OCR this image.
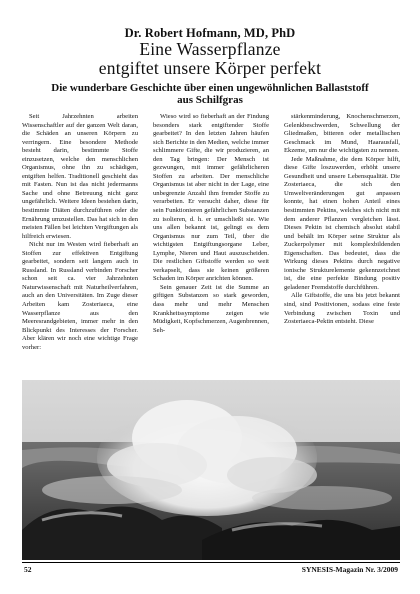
Dr. Robert Hofmann, MD, PhD
Eine Wasserpflanze
entgiftet unsere Körper perfekt
Die wunderbare Geschichte über einen ungewöhnlichen Ballaststoff
aus Schilfgras

Seit Jahrzehnten arbeiten Wissenschaftler auf der ganzen Welt daran, die Schäden an unseren Körpern zu verringern. Eine besondere Methode besteht darin, bestimmte Stoffe einzusetzen, welche den menschlichen Organismus, ohne ihn zu schädigen, entgiften helfen. Traditionell geschieht das mit Fasten. Nun ist das nicht jedermanns Sache und ohne Betreuung nicht ganz ungefährlich. Weitere Ideen bestehen darin, bestimmte Diäten durchzuführen oder die Ernährung umzustellen. Das hat sich in den meisten Fällen bei leichten Vergiftungen als hilfreich erwiesen.

Nicht nur im Westen wird fieberhaft an Stoffen zur effektiven Entgiftung gearbeitet, sondern seit langem auch in Russland. In Russland verbinden Forscher schon seit ca. vier Jahrzehnten Naturwissenschaft mit Naturheilverfahren, auch an den Universitäten. Im Zuge dieser Arbeiten kam Zosteriaeca, eine Wasserpflanze aus den Meeresrandgebieten, immer mehr in den Blickpunkt des Interesses der Forscher. Aber klären wir noch eine wichtige Frage vorher:

Wieso wird so fieberhaft an der Findung besonders stark entgiftender Stoffe gearbeitet? In den letzten Jahren häufen sich Berichte in den Medien, welche immer schlimmere Gifte, die wir produzieren, an den Tag bringen: Der Mensch ist gezwungen, mit immer gefährlicheren Stoffen zu arbeiten. Der menschliche Organismus ist aber nicht in der Lage, eine unbegrenzte Anzahl ihm fremder Stoffe zu verarbeiten. Er versucht daher, diese für sein Funktionieren gefährlichen Substanzen zu isolieren, d. h. er umschließt sie. Wie uns allen bekannt ist, gelingt es dem Organismus nur zum Teil, über die wichtigsten Entgiftungsorgane Leber, Lymphe, Nieren und Haut auszuscheiden. Die restlichen Giftstoffe werden so weit verkapselt, dass sie keinen größeren Schaden im Körper anrichten können.

Sein genauer Zeit ist die Summe an giftigen Substanzen so stark geworden, dass mehr und mehr Menschen Krankheitssymptome zeigen wie Müdigkeit, Kopfschmerzen, Augenbrennen, Seh-

stärkenminderung, Knochenschmerzen, Gelenkbeschwerden, Schwellung der Gliedmaßen, bitteren oder metallischen Geschmack im Mund, Haarausfall, Ekzeme, um nur die wichtigsten zu nennen.

Jede Maßnahme, die dem Körper hilft, diese Gifte loszuwerden, erhöht unsere Gesundheit und unsere Lebensqualität. Die Zosteriaeca, die sich den Umweltveränderungen gut anpassen konnte, hat einen hohen Anteil eines bestimmten Pektins, welches sich nicht mit dem anderer Pflanzen vergleichen lässt. Dieses Pektin ist chemisch absolut stabil und behält im Körper seine Struktur als Zuckerpolymer mit komplexbildenden Eigenschaften. Das bedeutet, dass die Wirkung dieses Pektins durch negative ionische Strukturelemente gekennzeichnet ist, die eine perfekte Bindung positiv geladener Fremdstoffe durchführen.

Alle Giftstoffe, die uns bis jetzt bekannt sind, sind Positivionen, sodass eine feste Verbindung zwischen Toxin und Zosteriaeca-Pektin entsteht. Diese

52	SYNESIS-Magazin Nr. 3/2009
